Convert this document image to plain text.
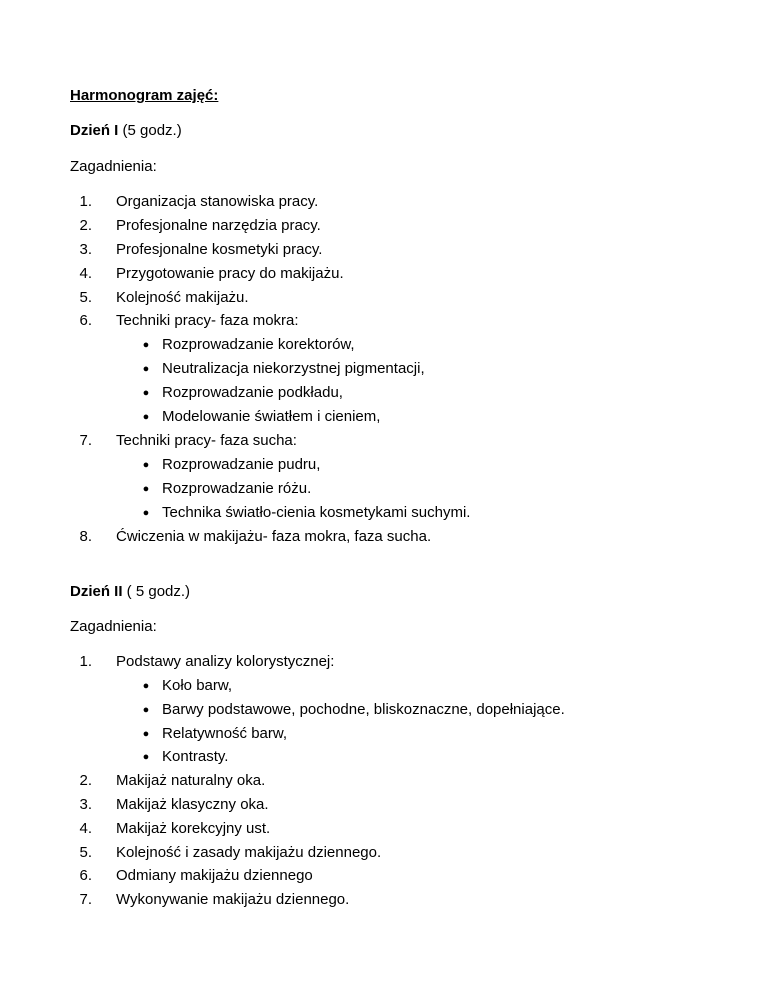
Harmonogram zajęć:
Dzień I (5 godz.)
Zagadnienia:
1. Organizacja stanowiska pracy.
2. Profesjonalne narzędzia pracy.
3. Profesjonalne kosmetyki pracy.
4. Przygotowanie pracy do makijażu.
5. Kolejność makijażu.
6. Techniki pracy- faza mokra:
● Rozprowadzanie korektorów,
● Neutralizacja niekorzystnej pigmentacji,
● Rozprowadzanie podkładu,
● Modelowanie światłem i cieniem,
7. Techniki pracy- faza sucha:
● Rozprowadzanie pudru,
● Rozprowadzanie różu.
● Technika światło-cienia kosmetykami suchymi.
8. Ćwiczenia w makijażu- faza mokra, faza sucha.
Dzień II ( 5 godz.)
Zagadnienia:
1. Podstawy analizy kolorystycznej:
● Koło barw,
● Barwy podstawowe, pochodne, bliskoznaczne, dopełniające.
● Relatywność barw,
● Kontrasty.
2. Makijaż naturalny oka.
3. Makijaż klasyczny oka.
4. Makijaż korekcyjny ust.
5. Kolejność i zasady makijażu dziennego.
6. Odmiany makijażu dziennego
7. Wykonywanie makijażu dziennego.
